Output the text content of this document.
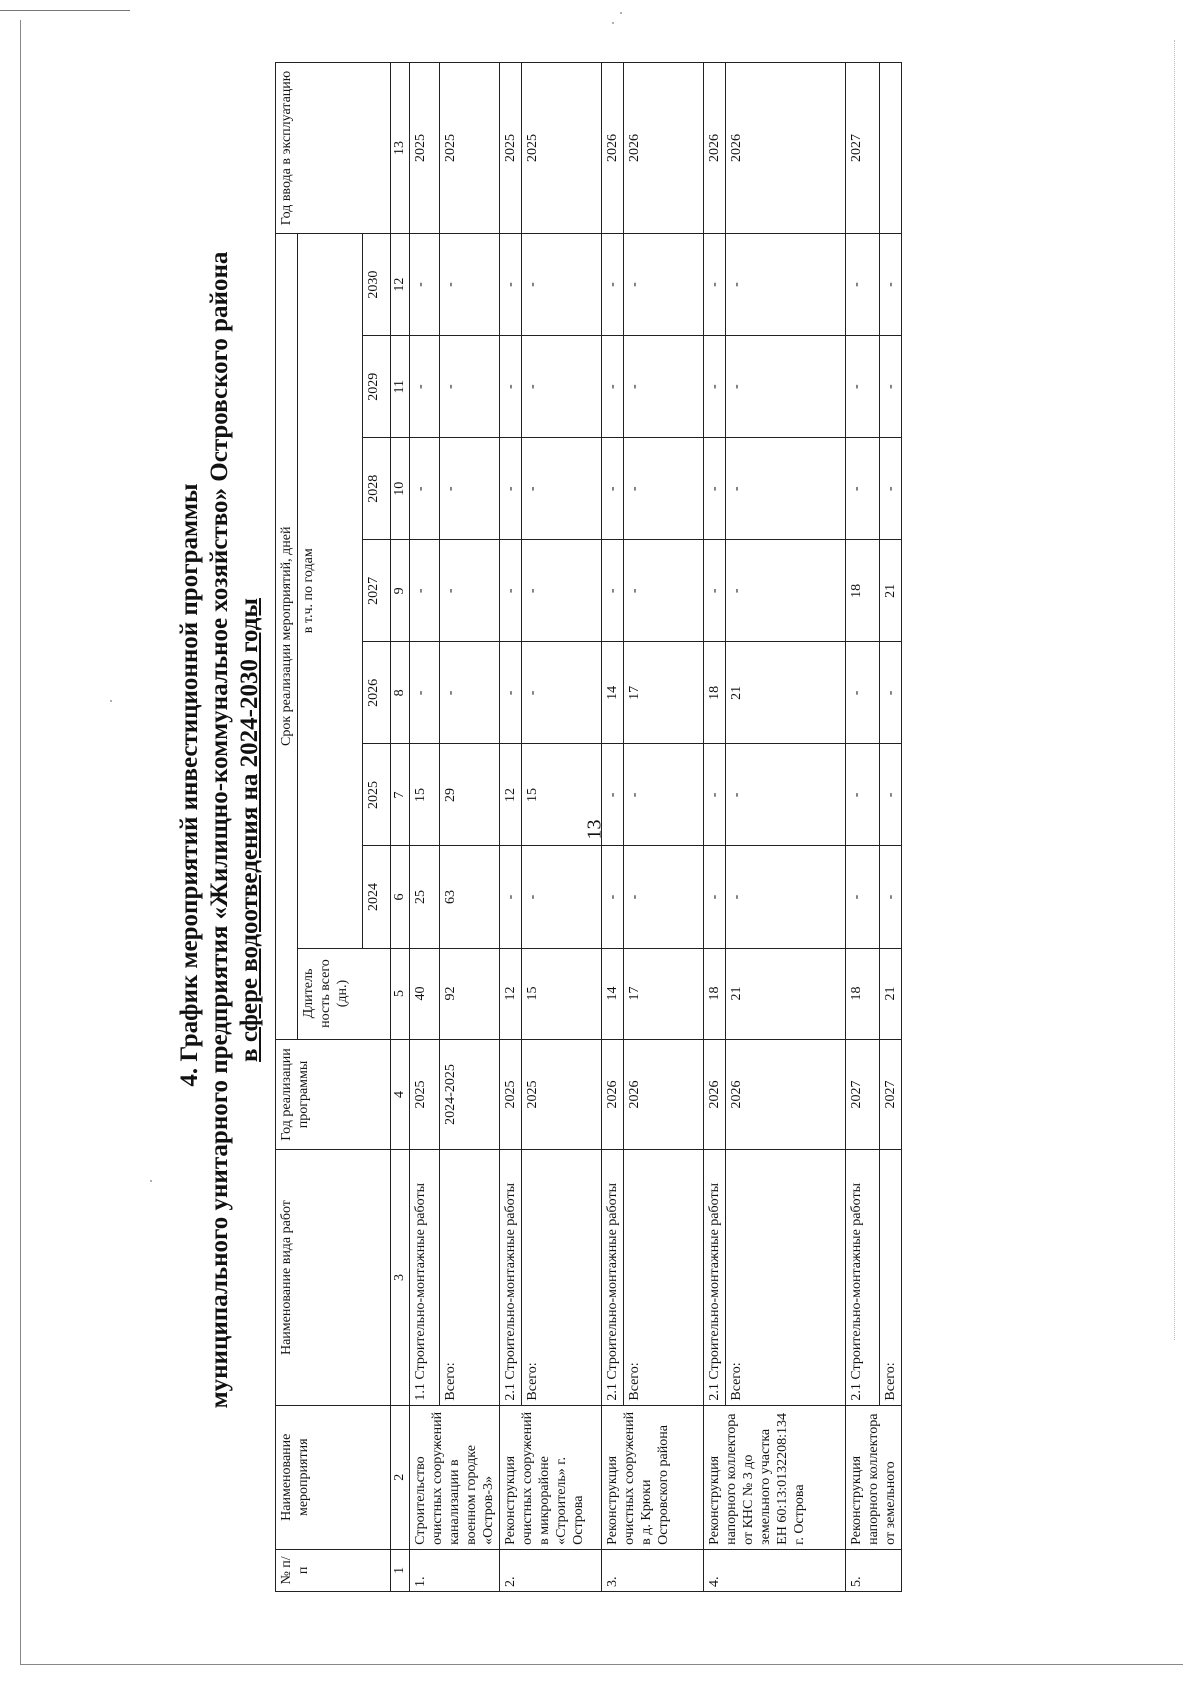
13
4. График мероприятий инвестиционной программы муниципального унитарного предприятия «Жилищно-коммунальное хозяйство» Островского района в сфере водоотведения на 2024-2030 годы
№ п/п	Наименование мероприятия	Наименование вида работ	Год реализации программы	Срок реализации мероприятий, дней								Год ввода в эксплуатацию
				Длитель ность всего (дн.)	в т.ч. по годам							
					2024	2025	2026	2027	2028	2029	2030	
1	2	3	4	5	6	7	8	9	10	11	12	13
1.	Строительство очистных сооружений канализации в военном городке «Остров-3»	1.1 Строительно-монтажные работы	2025	40	25	15	-	-	-	-	-	2025
		Всего:	2024-2025	92	63	29	-	-	-	-	-	2025
2.	Реконструкция очистных сооружений в микрорайоне «Строитель» г. Острова	2.1 Строительно-монтажные работы	2025	12	-	12	-	-	-	-	-	2025
		Всего:	2025	15	-	15	-	-	-	-	-	2025
3.	Реконструкция очистных сооружений в д. Крюки Островского района	2.1 Строительно-монтажные работы	2026	14	-	-	14	-	-	-	-	2026
		Всего:	2026	17	-	-	17	-	-	-	-	2026
4.	Реконструкция напорного коллектора от КНС № 3 до земельного участка ЕН 60:13:0132208:134 г. Острова	2.1 Строительно-монтажные работы	2026	18	-	-	18	-	-	-	-	2026
		Всего:	2026	21	-	-	21	-	-	-	-	2026
5.	Реконструкция напорного коллектора от земельного	2.1 Строительно-монтажные работы	2027	18	-	-	-	18	-	-	-	2027
		Всего:	2027	21	-	-	-	21	-	-	-	
